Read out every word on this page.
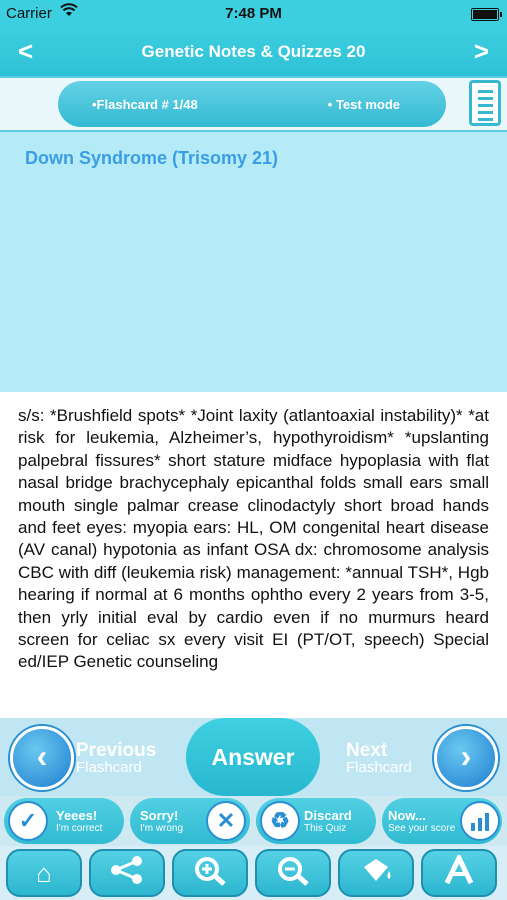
Carrier	7:48 PM
<	Genetic Notes & Quizzes 20	>
•Flashcard # 1/48	• Test mode
Down Syndrome (Trisomy 21)
s/s: *Brushfield spots* *Joint laxity (atlantoaxial instability)* *at risk for leukemia, Alzheimer’s, hypothyroidism* *upslanting palpebral fissures* short stature midface hypoplasia with flat nasal bridge brachycephaly epicanthal folds small ears small mouth single palmar crease clinodactyly short broad hands and feet eyes: myopia ears: HL, OM congenital heart disease (AV canal) hypotonia as infant OSA dx: chromosome analysis CBC with diff (leukemia risk) management: *annual TSH*, Hgb hearing if normal at 6 months ophtho every 2 years from 3-5, then yrly initial eval by cardio even if no murmurs heard screen for celiac sx every visit EI (PT/OT, speech) Special ed/IEP Genetic counseling
‹	Previous
Flashcard	Answer	Next
Flashcard	›
✓	Yeees!
I'm correct
Sorry!
I'm wrong	✕	♻	Discard
This Quiz
Now...
See your score
⌂
